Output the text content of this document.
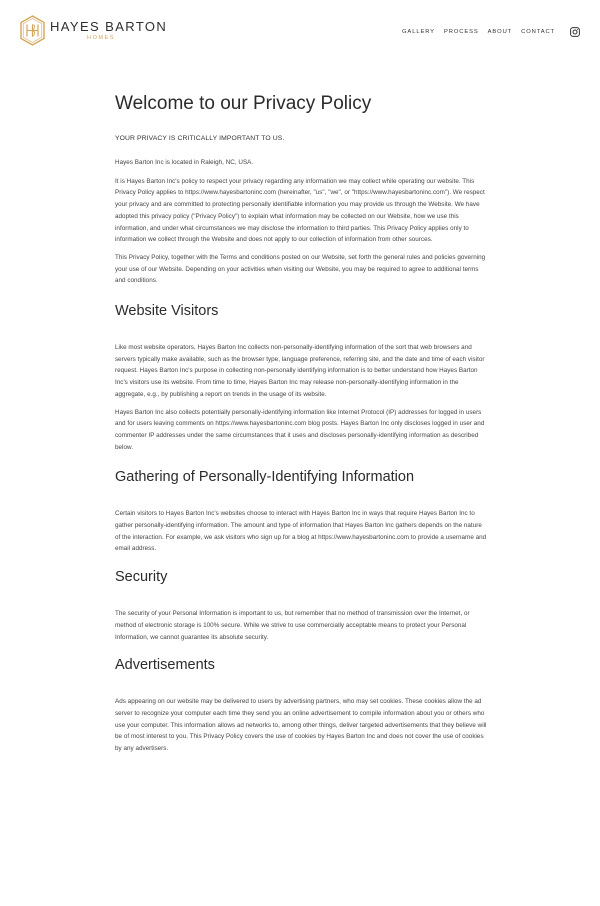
HAYES BARTON
HOMES
GALLERY PROCESS ABOUT CONTACT
Welcome to our Privacy Policy
YOUR PRIVACY IS CRITICALLY IMPORTANT TO US.

Hayes Barton Inc is located in Raleigh, NC, USA.

It is Hayes Barton Inc's policy to respect your privacy regarding any information we may collect while operating our website. This Privacy Policy applies to https://www.hayesbartoninc.com (hereinafter, "us", "we", or "https://www.hayesbartoninc.com"). We respect your privacy and are committed to protecting personally identifiable information you may provide us through the Website. We have adopted this privacy policy ("Privacy Policy") to explain what information may be collected on our Website, how we use this information, and under what circumstances we may disclose the information to third parties. This Privacy Policy applies only to information we collect through the Website and does not apply to our collection of information from other sources.

This Privacy Policy, together with the Terms and conditions posted on our Website, set forth the general rules and policies governing your use of our Website. Depending on your activities when visiting our Website, you may be required to agree to additional terms and conditions.

Website Visitors

Like most website operators, Hayes Barton Inc collects non-personally-identifying information of the sort that web browsers and servers typically make available, such as the browser type, language preference, referring site, and the date and time of each visitor request. Hayes Barton Inc's purpose in collecting non-personally identifying information is to better understand how Hayes Barton Inc's visitors use its website. From time to time, Hayes Barton Inc may release non-personally-identifying information in the aggregate, e.g., by publishing a report on trends in the usage of its website.

Hayes Barton Inc also collects potentially personally-identifying information like Internet Protocol (IP) addresses for logged in users and for users leaving comments on https://www.hayesbartoninc.com blog posts. Hayes Barton Inc only discloses logged in user and commenter IP addresses under the same circumstances that it uses and discloses personally-identifying information as described below.

Gathering of Personally-Identifying Information

Certain visitors to Hayes Barton Inc's websites choose to interact with Hayes Barton Inc in ways that require Hayes Barton Inc to gather personally-identifying information. The amount and type of information that Hayes Barton Inc gathers depends on the nature of the interaction. For example, we ask visitors who sign up for a blog at https://www.hayesbartoninc.com to provide a username and email address.

Security

The security of your Personal Information is important to us, but remember that no method of transmission over the Internet, or method of electronic storage is 100% secure. While we strive to use commercially acceptable means to protect your Personal Information, we cannot guarantee its absolute security.

Advertisements

Ads appearing on our website may be delivered to users by advertising partners, who may set cookies. These cookies allow the ad server to recognize your computer each time they send you an online advertisement to compile information about you or others who use your computer. This information allows ad networks to, among other things, deliver targeted advertisements that they believe will be of most interest to you. This Privacy Policy covers the use of cookies by Hayes Barton Inc and does not cover the use of cookies by any advertisers.
